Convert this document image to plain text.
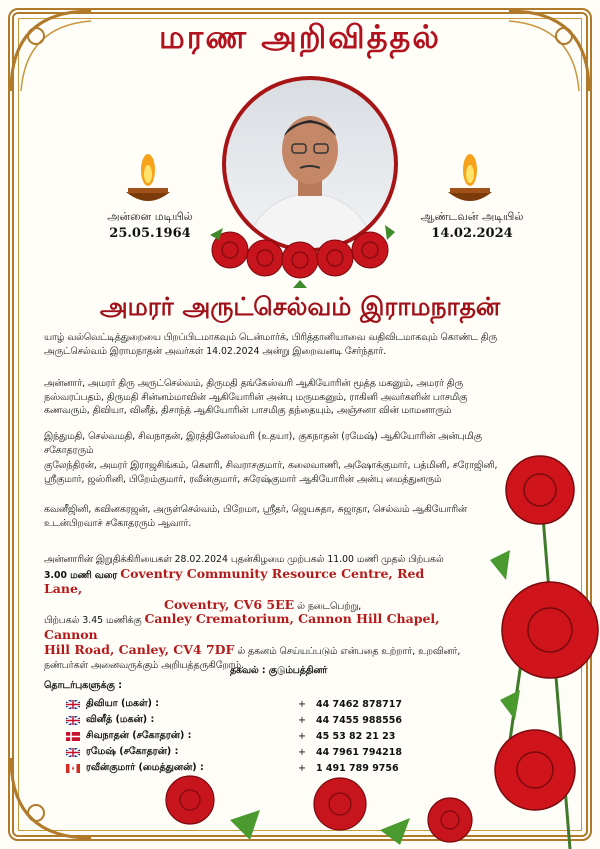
மரண அறிவித்தல்
அன்னை மடியில்
25.05.1964
ஆண்டவன் அடியில்
14.02.2024
அமரர் அருட்செல்வம் இராமநாதன்
யாழ் வல்வெட்டித்துறையை பிறப்பிடமாகவும் டென்மார்க், பிரித்தானியாவை வதிவிடமாகவும் கொண்ட திரு அருட்செல்வம் இராமநாதன் அவர்கள் 14.02.2024 அன்று இறைவனடி சேர்ந்தார்.
அன்னார், அமரர் திரு அருட்செல்வம், திருமதி தங்கேஸ்வரி ஆகியோரின் மூத்த மகனும், அமரர் திரு நஸ்வரப்பதம், திருமதி சின்னம்மாவின் ஆகியோரின் அன்பு மருமகனும், ராகினி அவர்களின் பாசமிகு கணவரும், திவியா, வினீத், திசாந்த் ஆகியோரின் பாசமிகு தந்தையும், அஞ்சனா வின் மாமனாரும்
இந்துமதி, செல்வமதி, சிவநாதன், இரத்தினேஸ்வரி (உதயா), குகநாதன் (ரமேஷ்) ஆகியோரின் அன்புமிகு சகோதரரும்
குலேந்திரன், அமரர் இராஜசிங்கம், கௌரி, சிவராசகுமார், கலைவாணி, அஷோக்குமார், பத்மினி, சரோஜினி, ஸ்ரீகுமார், ஜஸ்ரினி, பிறேம்குமார், ரவீன்குமார், சுரேஷ்குமார் ஆகியோரின் அன்பு மைத்துனரும்
கவனீஜினி, கவினகரஜன், அருள்செல்வம், பிறேமா, ஸ்ரீதர், ஜெயசுதா, சுஜாதா, செல்வம் ஆகியோரின் உடன்பிறவாச் சகோதரரும் ஆவார்.
அன்னாரின் இறுதிக்கிரியைகள் 28.02.2024 புதன்கிழமை முற்பகல் 11.00 மணி முதல் பிற்பகல்
3.00 மணி வரை Coventry Community Resource Centre, Red Lane,
Coventry, CV6 5EE ல் நடைபெற்று,
பிற்பகல் 3.45 மணிக்கு Canley Crematorium, Cannon Hill Chapel, Cannon
Hill Road, Canley, CV4 7DF ல் தகனம் செய்யப்படும் என்பதை உற்றார், உறவினர்,
நண்பர்கள் அனைவருக்கும் அறியத்தருகிறோம்.
தகவல் : குடும்பத்தினர்
தொடர்புகளுக்கு :
திவியா (மகள்) :	+	44 7462 878717
வினீத் (மகன்) :	+	44 7455 988556
சிவநாதன் (சகோதரன்) :	+	45 53 82 21 23
ரமேஷ் (சகோதரன்) :	+	44 7961 794218
ரவீன்குமார் (மைத்துனன்) :	+	1 491 789 9756
